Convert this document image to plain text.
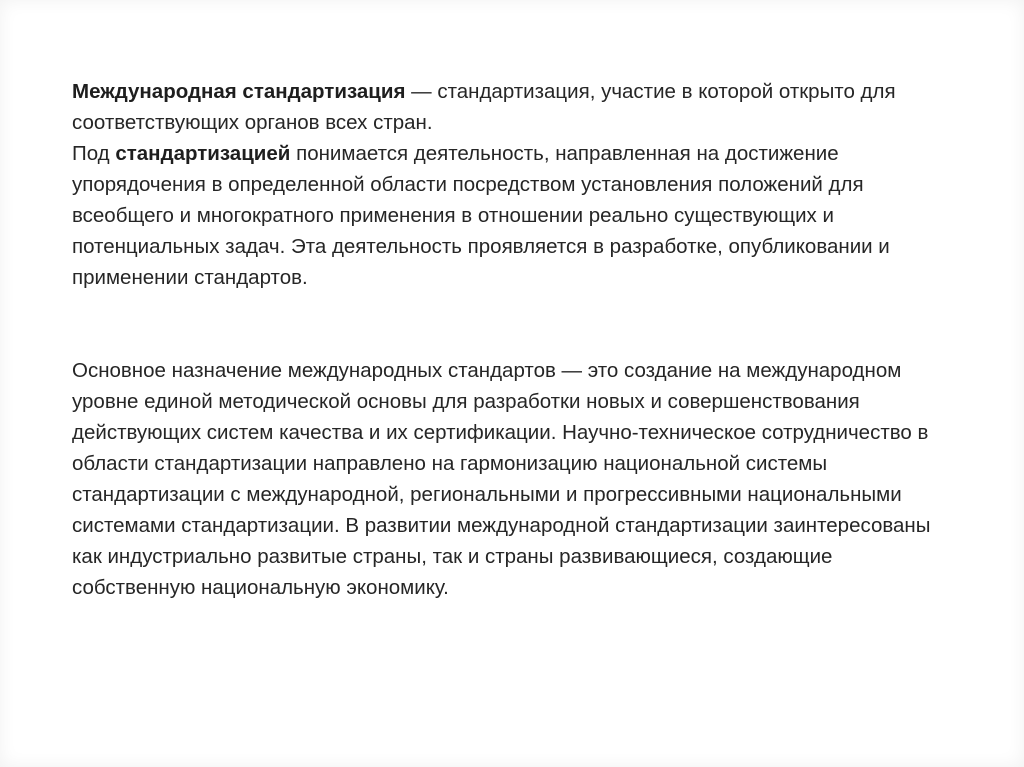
Международная стандартизация — стандартизация, участие в которой открыто для соответствующих органов всех стран.

Под стандартизацией понимается деятельность, направленная на достижение упорядочения в определенной области посредством установления положений для всеобщего и многократного применения в отношении реально существующих и потенциальных задач. Эта деятельность проявляется в разработке, опубликовании и применении стандартов.

Основное назначение международных стандартов — это создание на международном уровне единой методической основы для разработки новых и совершенствования действующих систем качества и их сертификации. Научно-техническое сотрудничество в области стандартизации направлено на гармонизацию национальной системы стандартизации с международной, региональными и прогрессивными национальными системами стандартизации. В развитии международной стандартизации заинтересованы как индустриально развитые страны, так и страны развивающиеся, создающие собственную национальную экономику.
